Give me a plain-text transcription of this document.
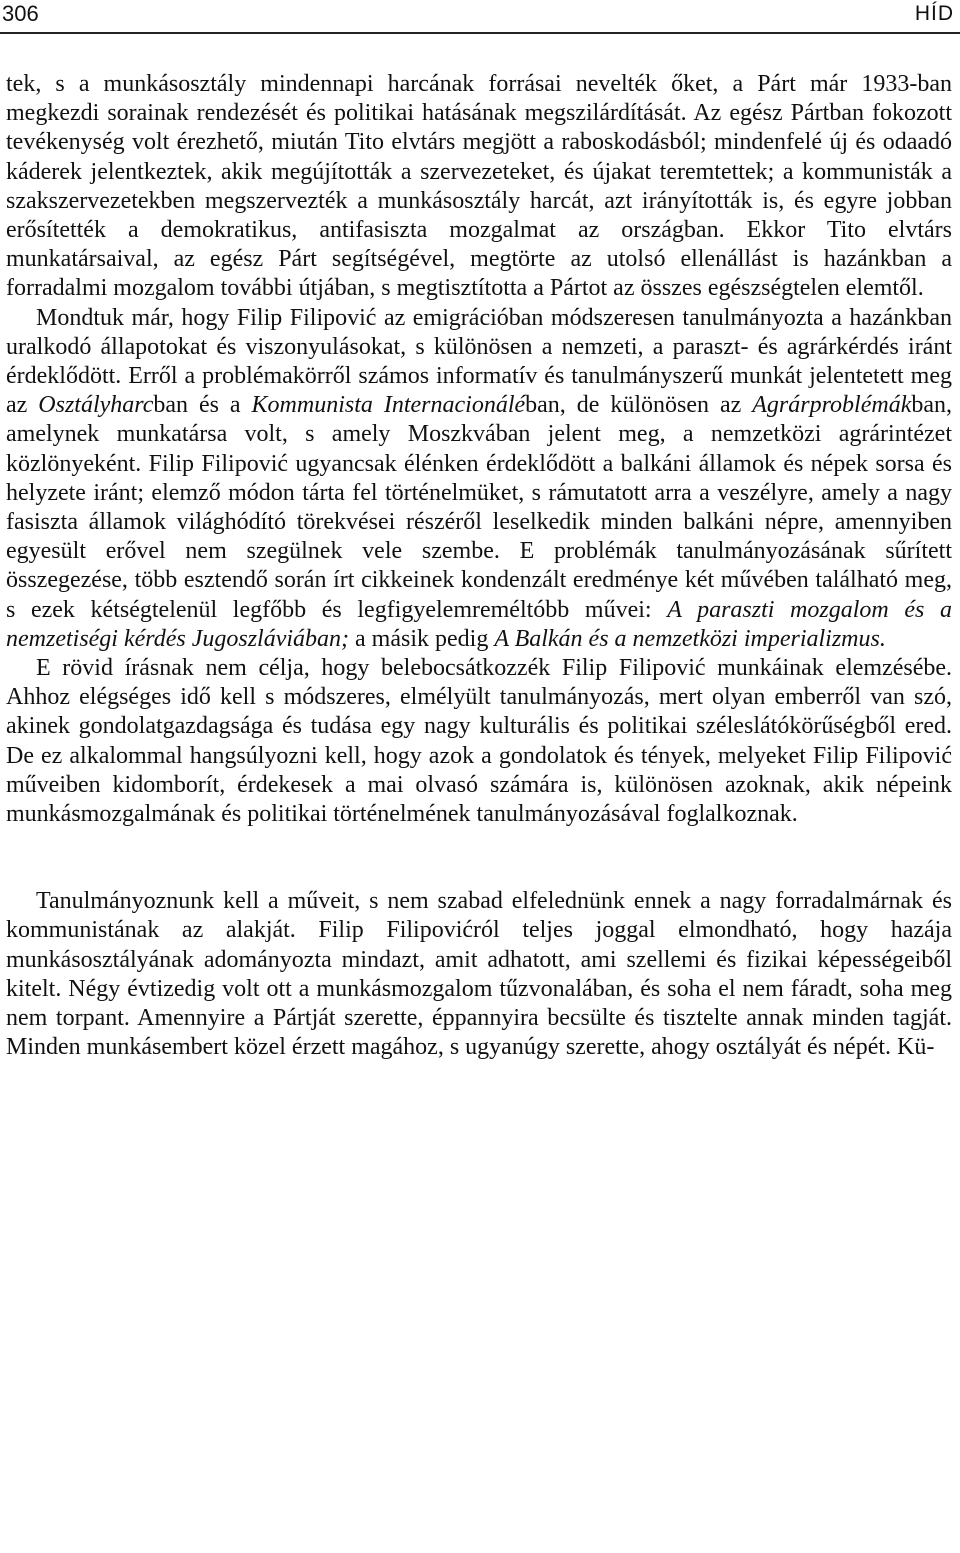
306	HÍD

tek, s a munkásosztály mindennapi harcának forrásai nevelték őket, a Párt már 1933-ban megkezdi sorainak rendezését és politikai hatásának megszilárdítását. Az egész Pártban fokozott tevékenység volt érezhető, miután Tito elvtárs megjött a raboskodásból; mindenfelé új és odaadó káderek jelentkeztek, akik megújították a szervezeteket, és újakat teremtettek; a kommunisták a szakszervezetekben megszervezték a munkásosztály harcát, azt irányították is, és egyre jobban erősítették a demokratikus, antifasiszta mozgalmat az országban. Ekkor Tito elvtárs munkatársaival, az egész Párt segítségével, megtörte az utolsó ellenállást is hazánkban a forradalmi mozgalom további útjában, s megtisztította a Pártot az összes egészségtelen elemtől.

Mondtuk már, hogy Filip Filipović az emigrációban módszeresen tanulmányozta a hazánkban uralkodó állapotokat és viszonyulásokat, s különösen a nemzeti, a paraszt- és agrárkérdés iránt érdeklődött. Erről a problémakörről számos informatív és tanulmányszerű munkát jelentetett meg az Osztályharcban és a Kommunista Internacionáléban, de különösen az Agrárproblémákban, amelynek munkatársa volt, s amely Moszkvában jelent meg, a nemzetközi agrárintézet közlönyeként. Filip Filipović ugyancsak élénken érdeklődött a balkáni államok és népek sorsa és helyzete iránt; elemző módon tárta fel történelmüket, s rámutatott arra a veszélyre, amely a nagy fasiszta államok világhódító törekvései részéről leselkedik minden balkáni népre, amennyiben egyesült erővel nem szegülnek vele szembe. E problémák tanulmányozásának sűrített összegezése, több esztendő során írt cikkeinek kondenzált eredménye két művében található meg, s ezek kétségtelenül legfőbb és legfigyelemreméltóbb művei: A paraszti mozgalom és a nemzetiségi kérdés Jugoszláviában; a másik pedig A Balkán és a nemzetközi imperializmus.

E rövid írásnak nem célja, hogy belebocsátkozzék Filip Filipović munkáinak elemzésébe. Ahhoz elégséges idő kell s módszeres, elmélyült tanulmányozás, mert olyan emberről van szó, akinek gondolatgazdagsága és tudása egy nagy kulturális és politikai széleslátókörűségből ered. De ez alkalommal hangsúlyozni kell, hogy azok a gondolatok és tények, melyeket Filip Filipović műveiben kidomborít, érdekesek a mai olvasó számára is, különösen azoknak, akik népeink munkásmozgalmának és politikai történelmének tanulmányozásával foglalkoznak.

Tanulmányoznunk kell a műveit, s nem szabad elfelednünk ennek a nagy forradalmárnak és kommunistának az alakját. Filip Filipovićról teljes joggal elmondható, hogy hazája munkásosztályának adományozta mindazt, amit adhatott, ami szellemi és fizikai képességeiből kitelt. Négy évtizedig volt ott a munkásmozgalom tűzvonalában, és soha el nem fáradt, soha meg nem torpant. Amennyire a Pártját szerette, éppannyira becsülte és tisztelte annak minden tagját. Minden munkásembert közel érzett magához, s ugyanúgy szerette, ahogy osztályát és népét. Kü-
